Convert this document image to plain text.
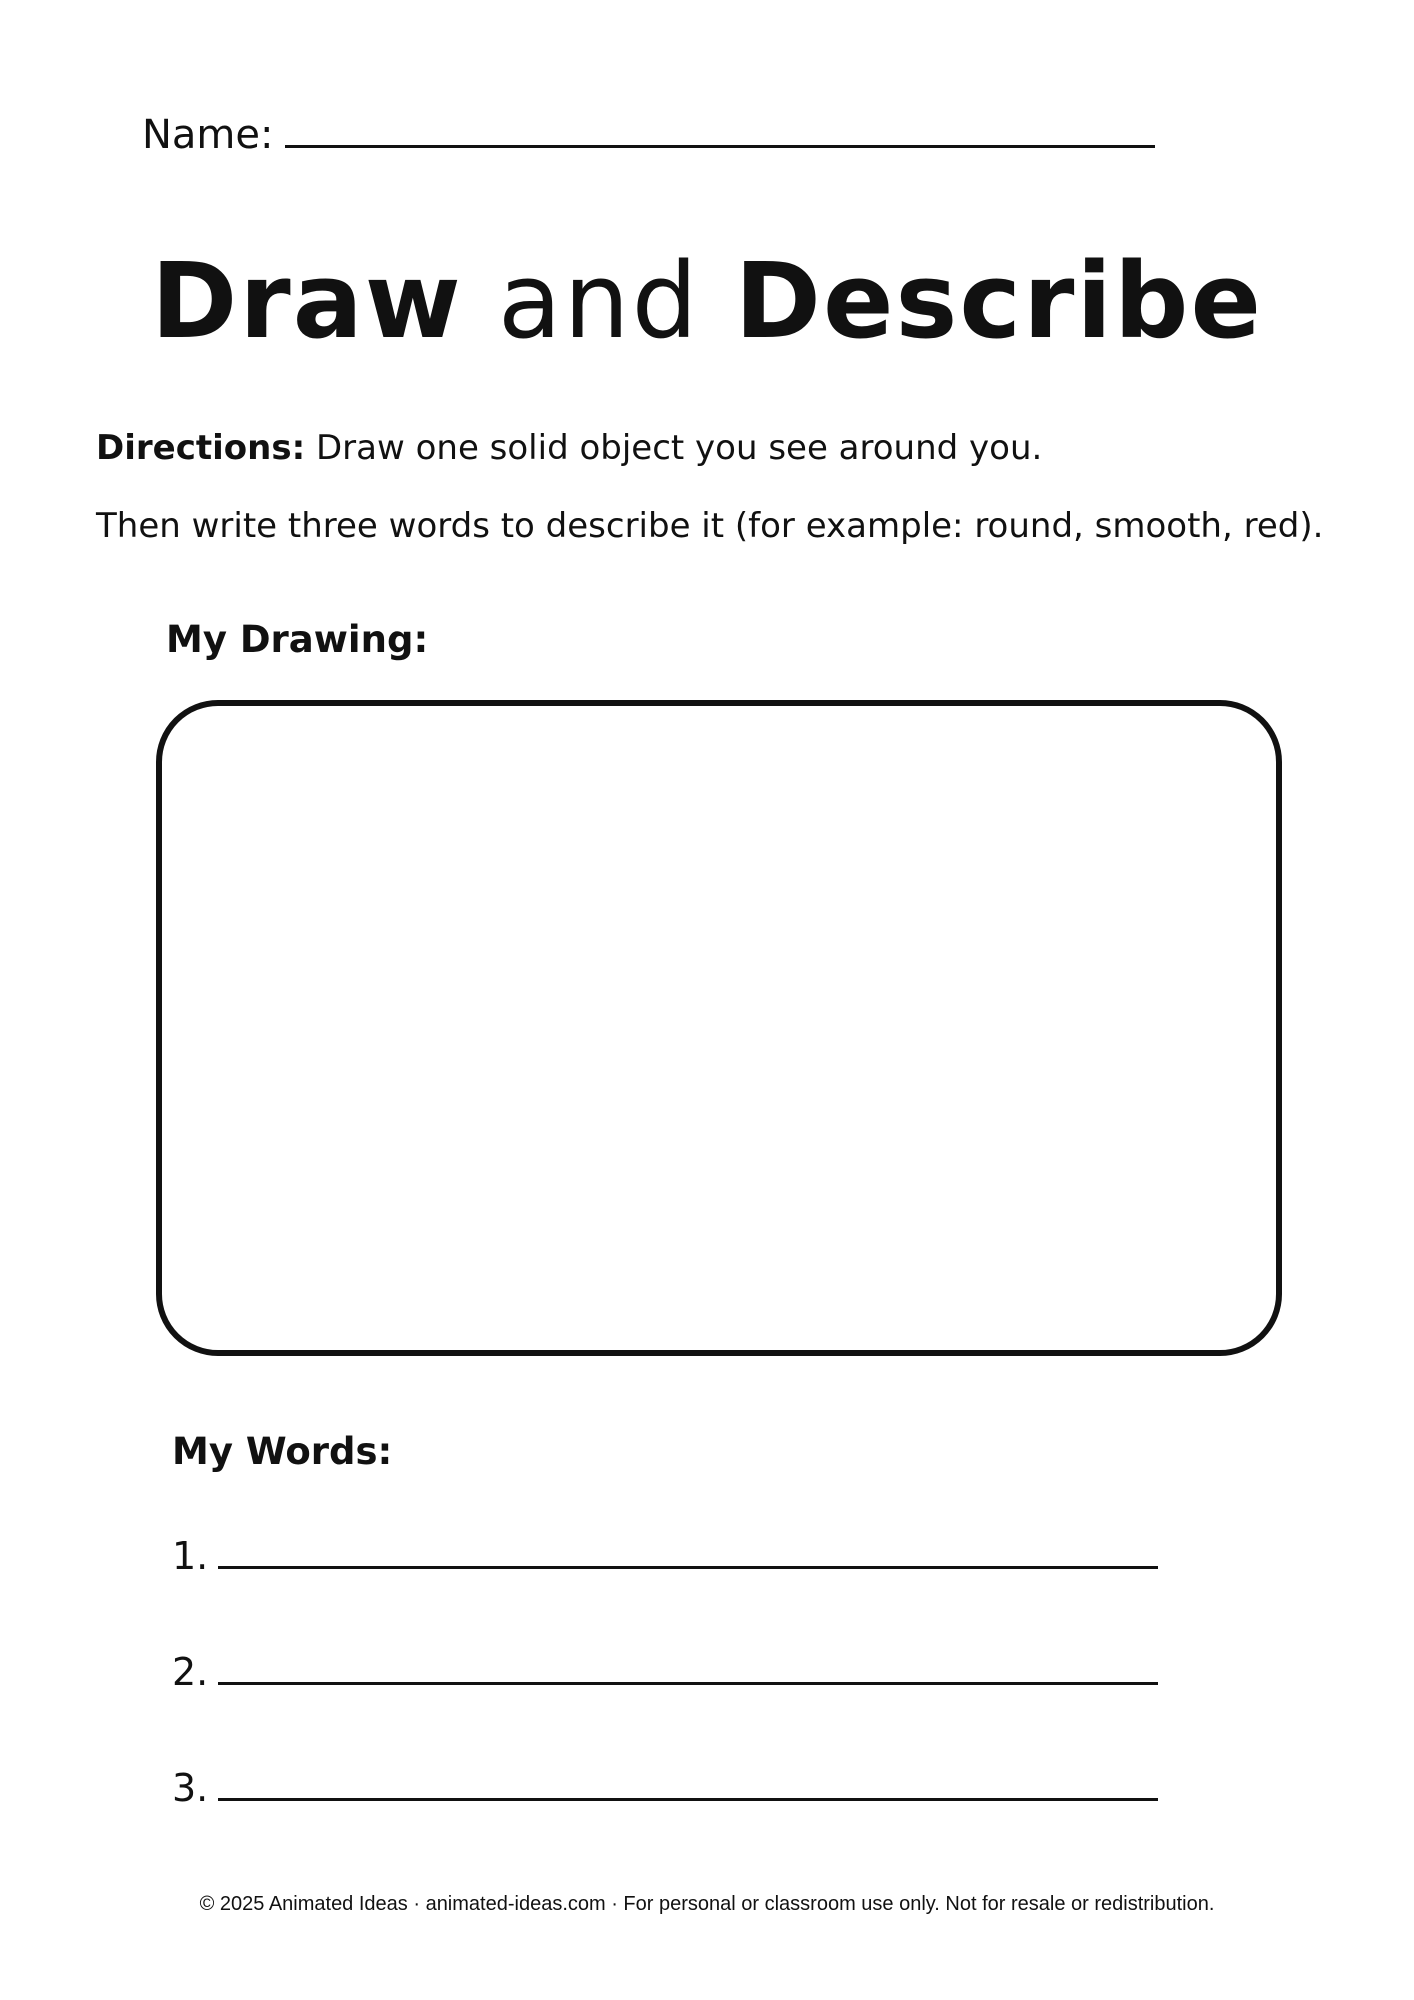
Name:
Draw and Describe
Directions: Draw one solid object you see around you.
Then write three words to describe it (for example: round, smooth, red).
My Drawing:
My Words:
1.
2.
3.
© 2025 Animated Ideas · animated-ideas.com · For personal or classroom use only. Not for resale or redistribution.
